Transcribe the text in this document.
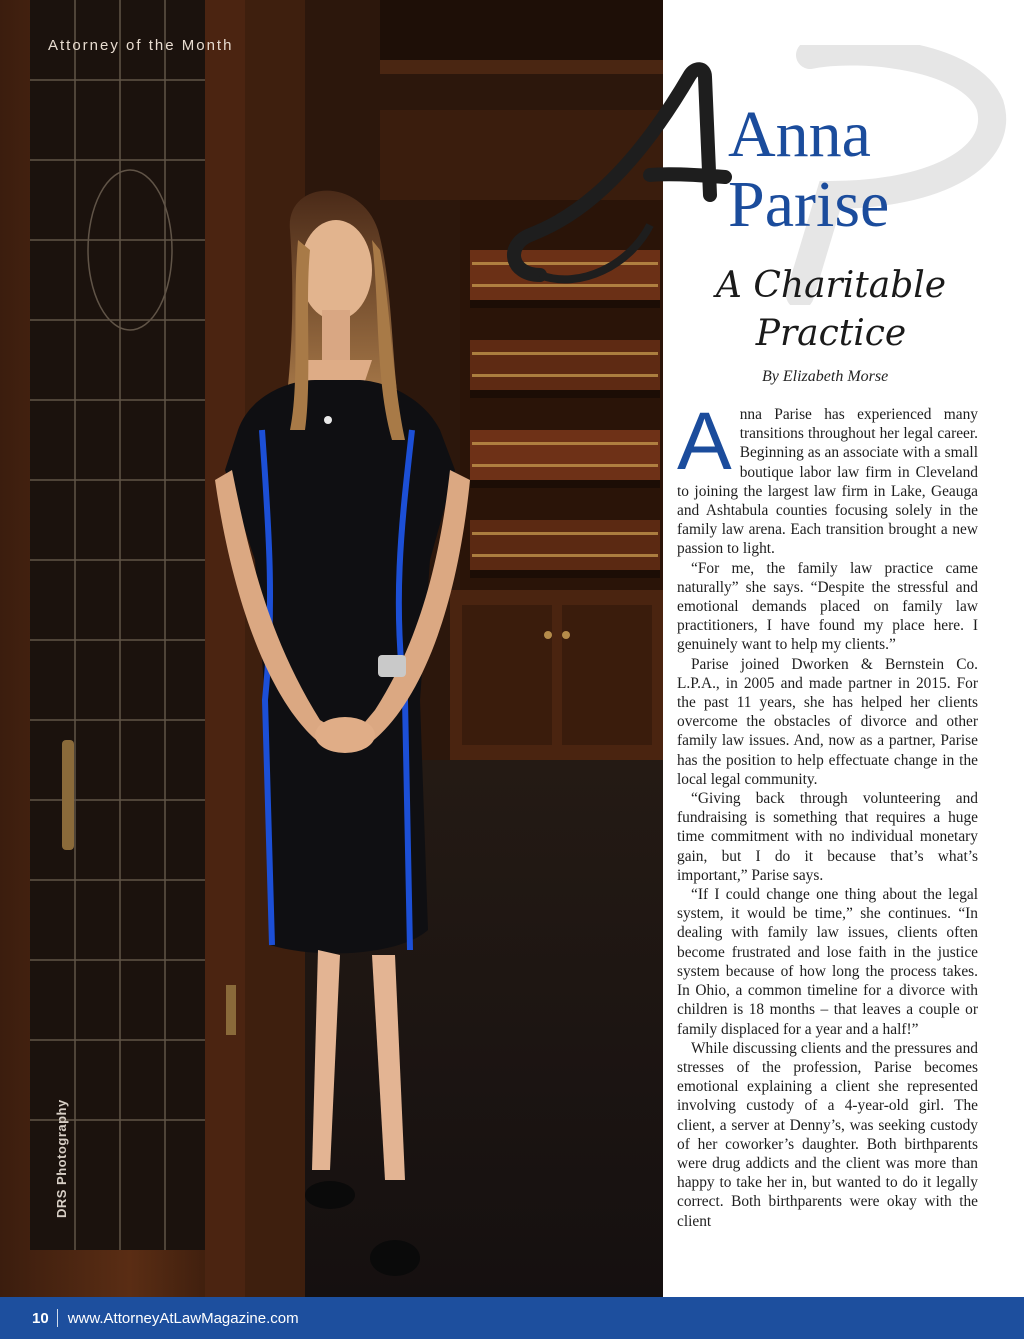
Attorney of the Month
DRS Photography
Anna
Parise
A Charitable
Practice
By Elizabeth Morse

Anna Parise has experienced many transitions throughout her legal career. Beginning as an associate with a small boutique labor law firm in Cleveland to joining the largest law firm in Lake, Geauga and Ashtabula counties focusing solely in the family law arena. Each transition brought a new passion to light.

“For me, the family law practice came naturally” she says. “Despite the stressful and emotional demands placed on family law practitioners, I have found my place here. I genuinely want to help my clients.”

Parise joined Dworken & Bernstein Co. L.P.A., in 2005 and made partner in 2015. For the past 11 years, she has helped her clients overcome the obstacles of divorce and other family law issues. And, now as a partner, Parise has the position to help effectuate change in the local legal community.

“Giving back through volunteering and fundraising is something that requires a huge time commitment with no individual monetary gain, but I do it because that’s what’s important,” Parise says.

“If I could change one thing about the legal system, it would be time,” she continues. “In dealing with family law issues, clients often become frustrated and lose faith in the justice system because of how long the process takes. In Ohio, a common timeline for a divorce with children is 18 months – that leaves a couple or family displaced for a year and a half!”

While discussing clients and the pressures and stresses of the profession, Parise becomes emotional explaining a client she represented involving custody of a 4-year-old girl. The client, a server at Denny’s, was seeking custody of her coworker’s daughter. Both birthparents were drug addicts and the client was more than happy to take her in, but wanted to do it legally correct. Both birthparents were okay with the client

10 www.AttorneyAtLawMagazine.com
